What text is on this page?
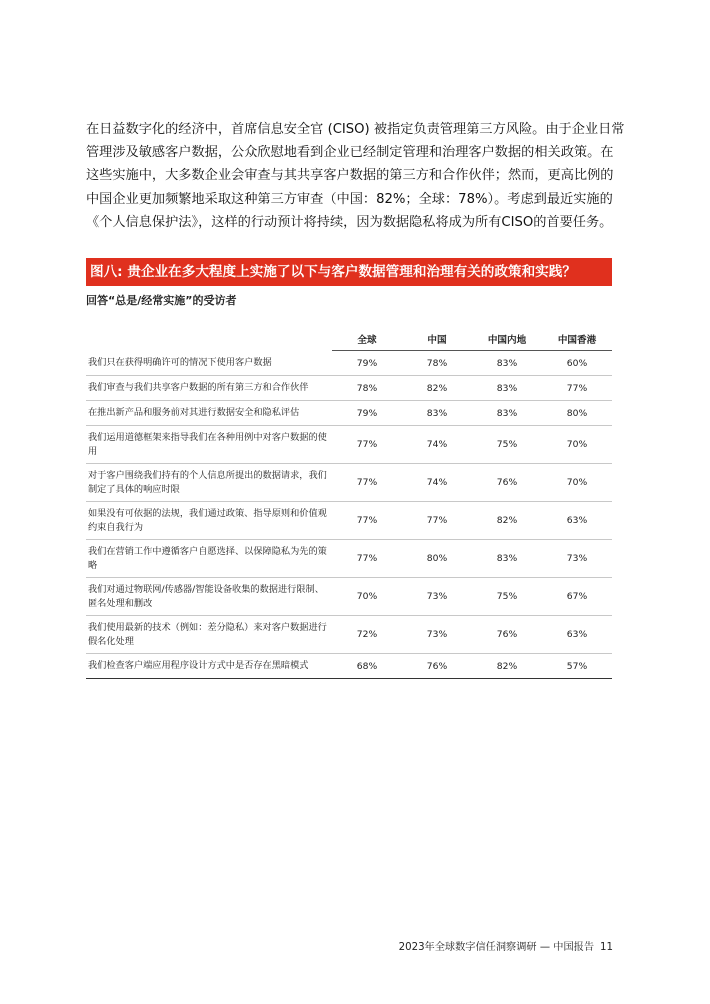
在日益数字化的经济中，首席信息安全官 (CISO) 被指定负责管理第三方风险。由于企业日常管理涉及敏感客户数据，公众欣慰地看到企业已经制定管理和治理客户数据的相关政策。在这些实施中，大多数企业会审查与其共享客户数据的第三方和合作伙伴；然而，更高比例的中国企业更加频繁地采取这种第三方审查（中国：82%；全球：78%）。考虑到最近实施的《个人信息保护法》，这样的行动预计将持续，因为数据隐私将成为所有CISO的首要任务。
图八: 贵企业在多大程度上实施了以下与客户数据管理和治理有关的政策和实践？
回答“总是/经常实施”的受访者
	全球	中国	中国内地	中国香港
我们只在获得明确许可的情况下使用客户数据	79%	78%	83%	60%
我们审查与我们共享客户数据的所有第三方和合作伙伴	78%	82%	83%	77%
在推出新产品和服务前对其进行数据安全和隐私评估	79%	83%	83%	80%
我们运用道德框架来指导我们在各种用例中对客户数据的使用	77%	74%	75%	70%
对于客户围绕我们持有的个人信息所提出的数据请求，我们制定了具体的响应时限	77%	74%	76%	70%
如果没有可依据的法规，我们通过政策、指导原则和价值观约束自我行为	77%	77%	82%	63%
我们在营销工作中遵循客户自愿选择、以保障隐私为先的策略	77%	80%	83%	73%
我们对通过物联网/传感器/智能设备收集的数据进行限制、匿名处理和删改	70%	73%	75%	67%
我们使用最新的技术（例如：差分隐私）来对客户数据进行假名化处理	72%	73%	76%	63%
我们检查客户端应用程序设计方式中是否存在黑暗模式	68%	76%	82%	57%
2023年全球数字信任洞察调研 — 中国报告 11
